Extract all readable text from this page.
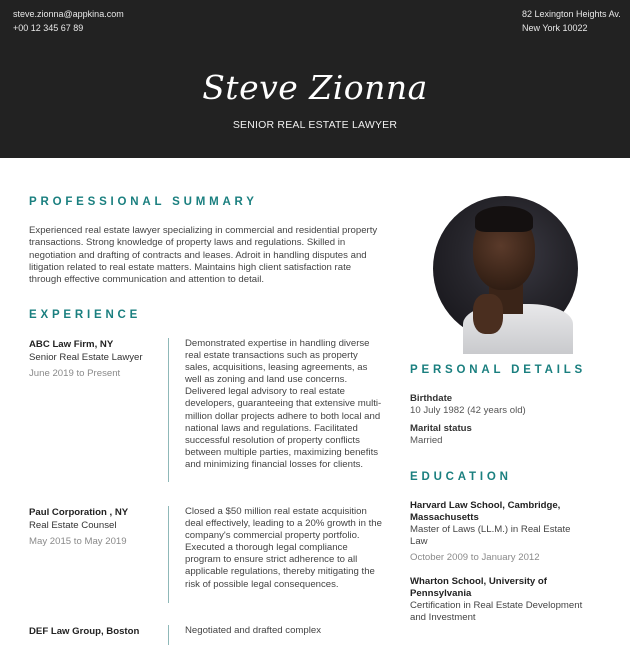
steve.zionna@appkina.com
+00 12 345 67 89
82 Lexington Heights Av.
New York 10022
Steve Zionna
SENIOR REAL ESTATE LAWYER
PROFESSIONAL SUMMARY
Experienced real estate lawyer specializing in commercial and residential property transactions. Strong knowledge of property laws and regulations. Skilled in negotiation and drafting of contracts and leases. Adroit in handling disputes and litigation related to real estate matters. Maintains high client satisfaction rate through effective communication and attention to detail.
EXPERIENCE
ABC Law Firm, NY
Senior Real Estate Lawyer
June 2019 to Present
Demonstrated expertise in handling diverse real estate transactions such as property sales, acquisitions, leasing agreements, as well as zoning and land use concerns. Delivered legal advisory to real estate developers, guaranteeing that extensive multi-million dollar projects adhere to both local and national laws and regulations. Facilitated successful resolution of property conflicts between multiple parties, maximizing benefits and minimizing financial losses for clients.
Paul Corporation , NY
Real Estate Counsel
May 2015 to May 2019
Closed a $50 million real estate acquisition deal effectively, leading to a 20% growth in the company's commercial property portfolio. Executed a thorough legal compliance program to ensure strict adherence to all applicable regulations, thereby mitigating the risk of possible legal consequences.
DEF Law Group, Boston	Negotiated and drafted complex
PERSONAL DETAILS
Birthdate
10 July 1982 (42 years old)
Marital status
Married
EDUCATION
Harvard Law School, Cambridge, Massachusetts
Master of Laws (LL.M.) in Real Estate Law
October 2009 to January 2012
Wharton School, University of Pennsylvania
Certification in Real Estate Development and Investment
